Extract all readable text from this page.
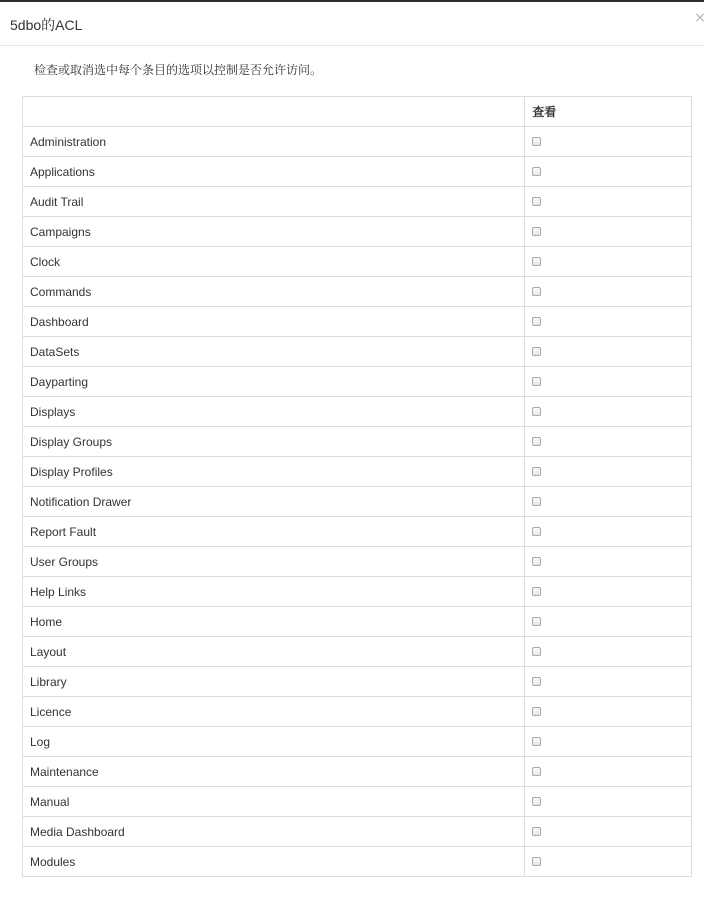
5dbo的ACL	×
检查或取消选中每个条目的选项以控制是否允许访问。
	查看
Administration	
Applications	
Audit Trail	
Campaigns	
Clock	
Commands	
Dashboard	
DataSets	
Dayparting	
Displays	
Display Groups	
Display Profiles	
Notification Drawer	
Report Fault	
User Groups	
Help Links	
Home	
Layout	
Library	
Licence	
Log	
Maintenance	
Manual	
Media Dashboard	
Modules	
